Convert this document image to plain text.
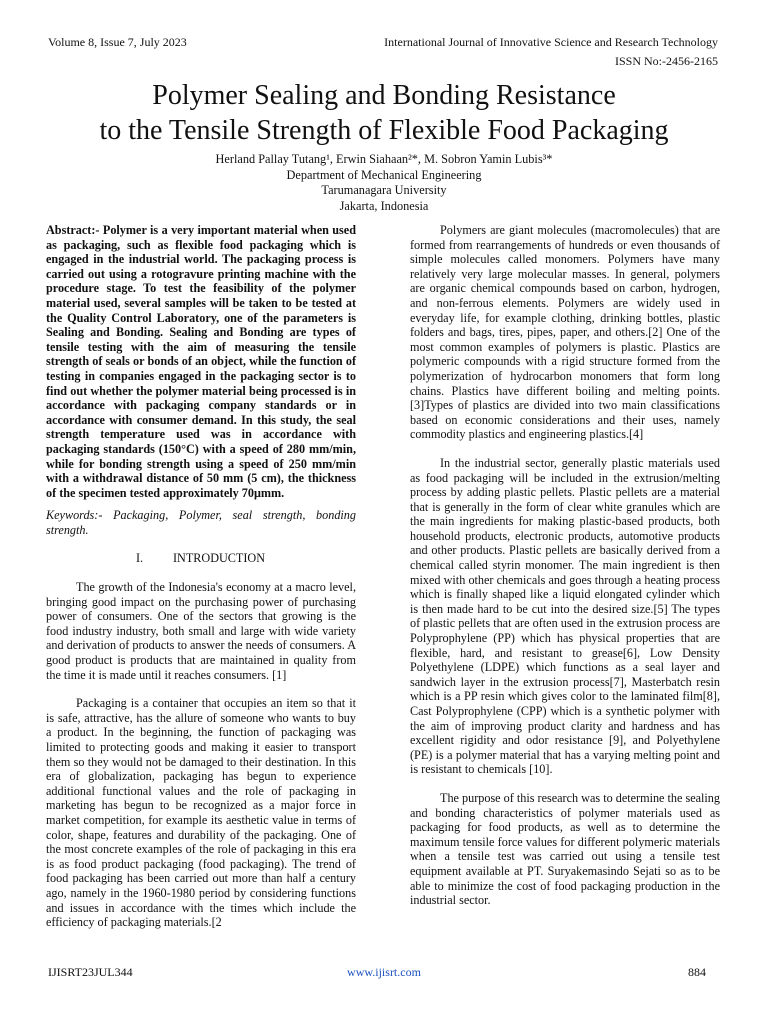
Volume 8, Issue 7, July 2023	International Journal of Innovative Science and Research Technology
ISSN No:-2456-2165
Polymer Sealing and Bonding Resistance
to the Tensile Strength of Flexible Food Packaging
Herland Pallay Tutang¹, Erwin Siahaan²*, M. Sobron Yamin Lubis³*
Department of Mechanical Engineering
Tarumanagara University
Jakarta, Indonesia

Abstract:- Polymer is a very important material when used as packaging, such as flexible food packaging which is engaged in the industrial world. The packaging process is carried out using a rotogravure printing machine with the procedure stage. To test the feasibility of the polymer material used, several samples will be taken to be tested at the Quality Control Laboratory, one of the parameters is Sealing and Bonding. Sealing and Bonding are types of tensile testing with the aim of measuring the tensile strength of seals or bonds of an object, while the function of testing in companies engaged in the packaging sector is to find out whether the polymer material being processed is in accordance with packaging company standards or in accordance with consumer demand. In this study, the seal strength temperature used was in accordance with packaging standards (150°C) with a speed of 280 mm/min, while for bonding strength using a speed of 250 mm/min with a withdrawal distance of 50 mm (5 cm), the thickness of the specimen tested approximately 70μmm.

Keywords:- Packaging, Polymer, seal strength, bonding strength.

I. INTRODUCTION

The growth of the Indonesia's economy at a macro level, bringing good impact on the purchasing power of purchasing power of consumers. One of the sectors that growing is the food industry industry, both small and large with wide variety and derivation of products to answer the needs of consumers. A good product is products that are maintained in quality from the time it is made until it reaches consumers. [1]

Packaging is a container that occupies an item so that it is safe, attractive, has the allure of someone who wants to buy a product. In the beginning, the function of packaging was limited to protecting goods and making it easier to transport them so they would not be damaged to their destination. In this era of globalization, packaging has begun to experience additional functional values and the role of packaging in marketing has begun to be recognized as a major force in market competition, for example its aesthetic value in terms of color, shape, features and durability of the packaging. One of the most concrete examples of the role of packaging in this era is as food product packaging (food packaging). The trend of food packaging has been carried out more than half a century ago, namely in the 1960-1980 period by considering functions and issues in accordance with the times which include the efficiency of packaging materials.[2

Polymers are giant molecules (macromolecules) that are formed from rearrangements of hundreds or even thousands of simple molecules called monomers. Polymers have many relatively very large molecular masses. In general, polymers are organic chemical compounds based on carbon, hydrogen, and non-ferrous elements. Polymers are widely used in everyday life, for example clothing, drinking bottles, plastic folders and bags, tires, pipes, paper, and others.[2] One of the most common examples of polymers is plastic. Plastics are polymeric compounds with a rigid structure formed from the polymerization of hydrocarbon monomers that form long chains. Plastics have different boiling and melting points.[3]Types of plastics are divided into two main classifications based on economic considerations and their uses, namely commodity plastics and engineering plastics.[4]

In the industrial sector, generally plastic materials used as food packaging will be included in the extrusion/melting process by adding plastic pellets. Plastic pellets are a material that is generally in the form of clear white granules which are the main ingredients for making plastic-based products, both household products, electronic products, automotive products and other products. Plastic pellets are basically derived from a chemical called styrin monomer. The main ingredient is then mixed with other chemicals and goes through a heating process which is finally shaped like a liquid elongated cylinder which is then made hard to be cut into the desired size.[5] The types of plastic pellets that are often used in the extrusion process are Polyprophylene (PP) which has physical properties that are flexible, hard, and resistant to grease[6], Low Density Polyethylene (LDPE) which functions as a seal layer and sandwich layer in the extrusion process[7], Masterbatch resin which is a PP resin which gives color to the laminated film[8], Cast Polyprophylene (CPP) which is a synthetic polymer with the aim of improving product clarity and hardness and has excellent rigidity and odor resistance [9], and Polyethylene (PE) is a polymer material that has a varying melting point and is resistant to chemicals [10].

The purpose of this research was to determine the sealing and bonding characteristics of polymer materials used as packaging for food products, as well as to determine the maximum tensile force values for different polymeric materials when a tensile test was carried out using a tensile test equipment available at PT. Suryakemasindo Sejati so as to be able to minimize the cost of food packaging production in the industrial sector.

IJISRT23JUL344	www.ijisrt.com	884
